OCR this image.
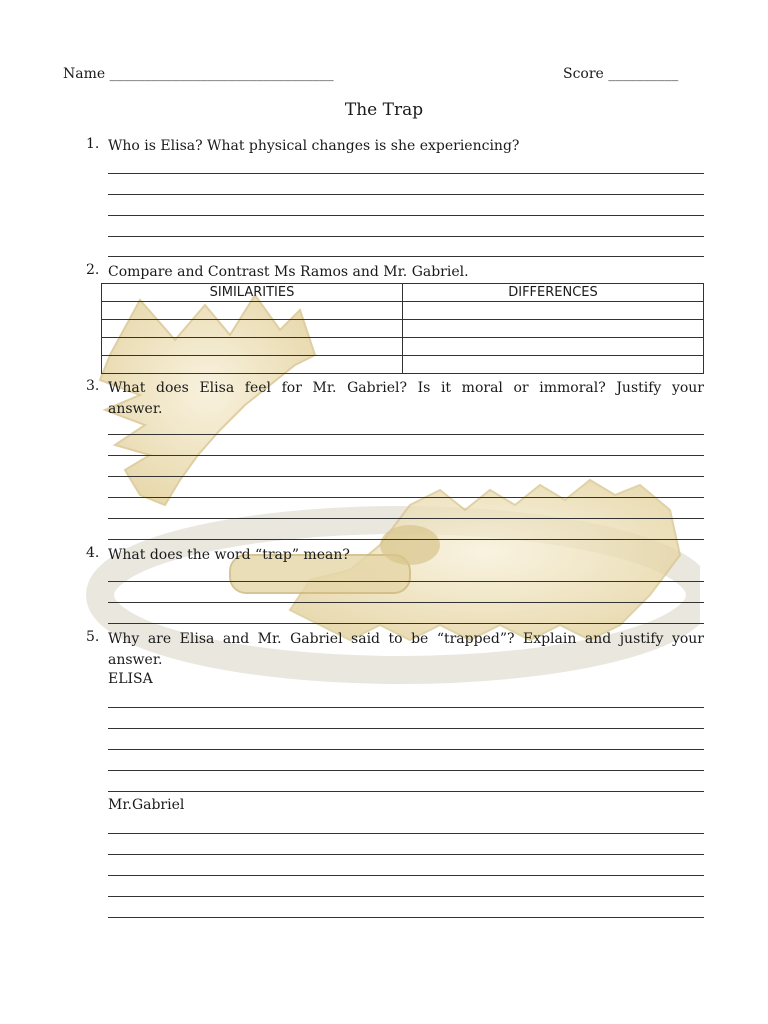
Name ________________________________	Score __________
The Trap
1. Who is Elisa? What physical changes is she experiencing?
2. Compare and Contrast Ms Ramos and Mr. Gabriel.
SIMILARITIES	DIFFERENCES

3. What does Elisa feel for Mr. Gabriel? Is it moral or immoral? Justify your
answer.
4. What does the word “trap” mean?
5. Why are Elisa and Mr. Gabriel said to be “trapped”? Explain and justify your
answer.
ELISA
Mr.Gabriel
